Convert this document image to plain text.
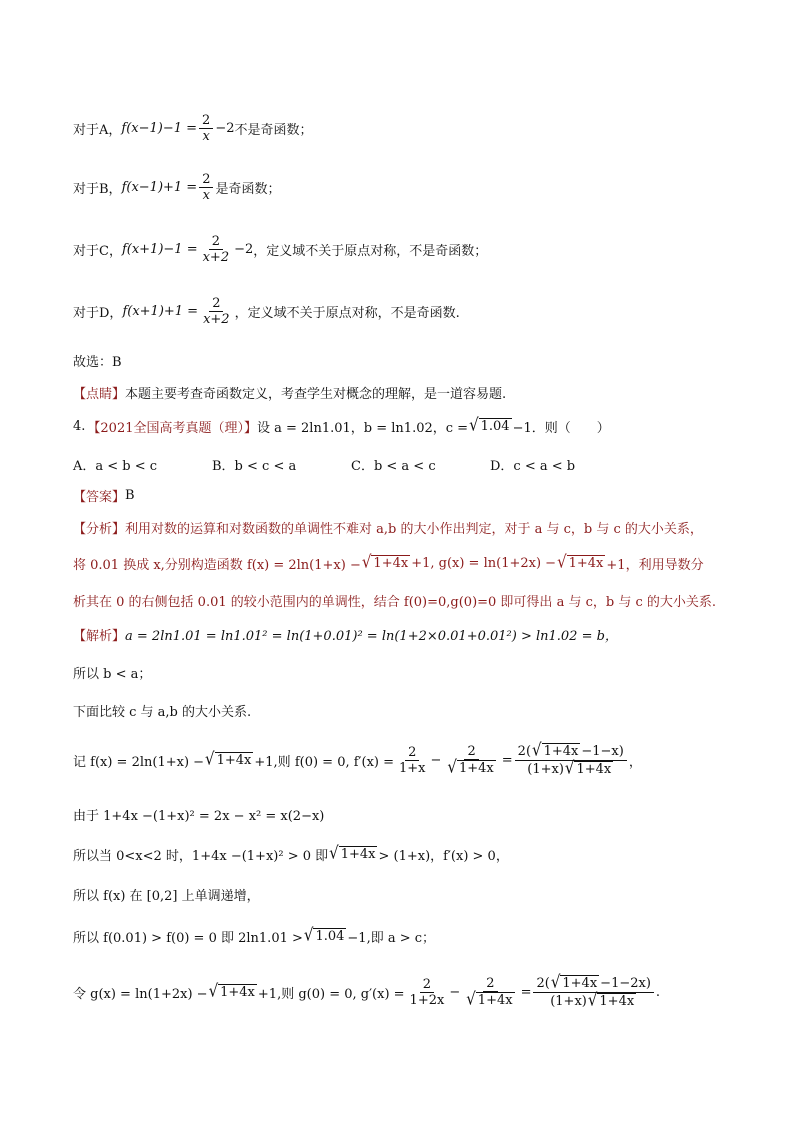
对于A， $f(x-1)-1 = \frac{2}{x} -2$ 不是奇函数；
对于B， $f(x-1)+1 = \frac{2}{x}$ 是奇函数；
对于C， $f(x+1)-1 = \frac{2}{x+2} -2$ ，定义域不关于原点对称，不是奇函数；
对于D， $f(x+1)+1 = \frac{2}{x+2}$ ，定义域不关于原点对称，不是奇函数.
故选：B
【点睛】 本题主要考查奇函数定义，考查学生对概念的理解，是一道容易题.
4. 【2021全国高考真题（理）】 设 a = 2ln1.01，b = ln1.02，c = √ 1.04 −1．则（　　）
A．a < b < c	B．b < c < a	C．b < a < c	D．c < a < b
【答案】 B
【分析】 利用对数的运算和对数函数的单调性不难对 a,b 的大小作出判定，对于 a 与 c，b 与 c 的大小关系，
将 0.01 换成 x,分别构造函数 f(x) = 2ln(1+x) − √ 1+4x +1, g(x) = ln(1+2x) − √ 1+4x +1，利用导数分
析其在 0 的右侧包括 0.01 的较小范围内的单调性，结合 f(0)=0,g(0)=0 即可得出 a 与 c，b 与 c 的大小关系.
【解析】 a = 2ln1.01 = ln1.01² = ln(1+0.01)² = ln(1+2×0.01+0.01²) > ln1.02 = b，
所以 b < a；
下面比较 c 与 a,b 的大小关系.
记 f(x) = 2ln(1+x) − √ 1+4x +1,则 f(0) = 0, $f'(x) = \frac{2}{1+x} - \frac{2}{√ 1+4x} = \frac{2( √ 1+4x -1-x)}{(1+x) √ 1+4x}$ ，
由于 1+4x −(1+x)² = 2x − x² = x(2−x)
所以当 0<x<2 时，1+4x −(1+x)² > 0 即 √ 1+4x > (1+x)，f′(x) > 0，
所以 f(x) 在 [0,2] 上单调递增，
所以 f(0.01) > f(0) = 0 即 2ln1.01 > √ 1.04 −1,即 a > c；
令 g(x) = ln(1+2x) − √ 1+4x +1,则 g(0) = 0, $g'(x) = \frac{2}{1+2x} - \frac{2}{√ 1+4x} = \frac{2( √ 1+4x -1-2x)}{(1+x) √ 1+4x}$ .
